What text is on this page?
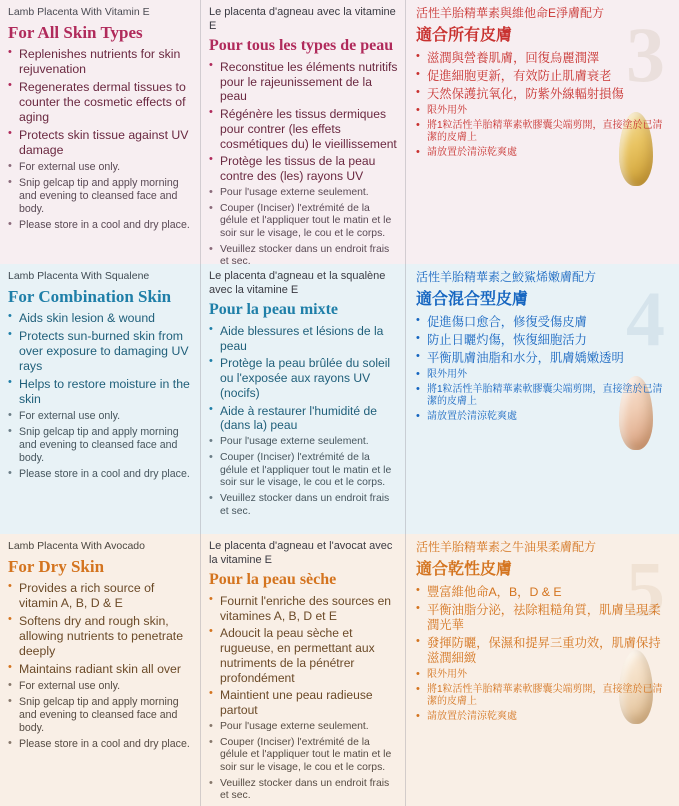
3

Lamb Placenta With Vitamin E

For All Skin Types
• Replenishes nutrients for skin rejuvenation
• Regenerates dermal tissues to counter the cosmetic effects of aging
• Protects skin tissue against UV damage
• For external use only.
• Snip gelcap tip and apply morning and evening to cleansed face and body.
• Please store in a cool and dry place.

Le placenta d'agneau avec la vitamine E

Pour tous les types de peau
• Reconstitue les éléments nutritifs pour le rajeunissement de la peau
• Régénère les tissus dermiques pour contrer (les effets cosmétiques du) le vieillissement
• Protège les tissus de la peau contre des (les) rayons UV
• Pour l'usage externe seulement.
• Couper (Inciser) l'extrémité de la gélule et l'appliquer tout le matin et le soir sur le visage, le cou et le corps.
• Veuillez stocker dans un endroit frais et sec.

活性羊胎精華素與維他命E淨膚配方

適合所有皮膚
• 滋潤與營養肌膚，回復烏麗潤澤
• 促進細胞更新，有效防止肌膚衰老
• 天然保護抗氧化，防紫外線輻射損傷
• 限外用外
• 將1粒活性羊胎精華素軟膠囊尖端剪開，直接塗於已清潔的皮膚上
• 請放置於清涼乾爽處
4

Lamb Placenta With Squalene

For Combination Skin
• Aids skin lesion & wound
• Protects sun-burned skin from over exposure to damaging UV rays
• Helps to restore moisture in the skin
• For external use only.
• Snip gelcap tip and apply morning and evening to cleansed face and body.
• Please store in a cool and dry place.

Le placenta d'agneau et la squalène avec la vitamine E

Pour la peau mixte
• Aide blessures et lésions de la peau
• Protège la peau brûlée du soleil ou l'exposée aux rayons UV (nocifs)
• Aide à restaurer l'humidité de (dans la) peau
• Pour l'usage externe seulement.
• Couper (Inciser) l'extrémité de la gélule et l'appliquer tout le matin et le soir sur le visage, le cou et le corps.
• Veuillez stocker dans un endroit frais et sec.

活性羊胎精華素之鮫鯊烯嫩膚配方

適合混合型皮膚
• 促進傷口愈合，修復受傷皮膚
• 防止日曬灼傷，恢復細胞活力
• 平衡肌膚油脂和水分，肌膚嬌嫩透明
• 限外用外
• 將1粒活性羊胎精華素軟膠囊尖端剪開，直接塗於已清潔的皮膚上
• 請放置於清涼乾爽處
5

Lamb Placenta With Avocado

For Dry Skin
• Provides a rich source of vitamin A, B, D & E
• Softens dry and rough skin, allowing nutrients to penetrate deeply
• Maintains radiant skin all over
• For external use only.
• Snip gelcap tip and apply morning and evening to cleansed face and body.
• Please store in a cool and dry place.

Le placenta d'agneau et l'avocat avec la vitamine E

Pour la peau sèche
• Fournit l'enriche des sources en vitamines A, B, D et E
• Adoucit la peau sèche et rugueuse, en permettant aux nutriments de la pénétrer profondément
• Maintient une peau radieuse partout
• Pour l'usage externe seulement.
• Couper (Inciser) l'extrémité de la gélule et l'appliquer tout le matin et le soir sur le visage, le cou et le corps.
• Veuillez stocker dans un endroit frais et sec.

活性羊胎精華素之牛油果柔膚配方

適合乾性皮膚
• 豐富維他命A，B，D & E
• 平衡油脂分泌，祛除粗糙角質，肌膚呈現柔潤光華
• 發揮防曬，保濕和提昇三重功效，肌膚保持滋潤細緻
• 限外用外
• 將1粒活性羊胎精華素軟膠囊尖端剪開，直接塗於已清潔的皮膚上
• 請放置於清涼乾爽處
